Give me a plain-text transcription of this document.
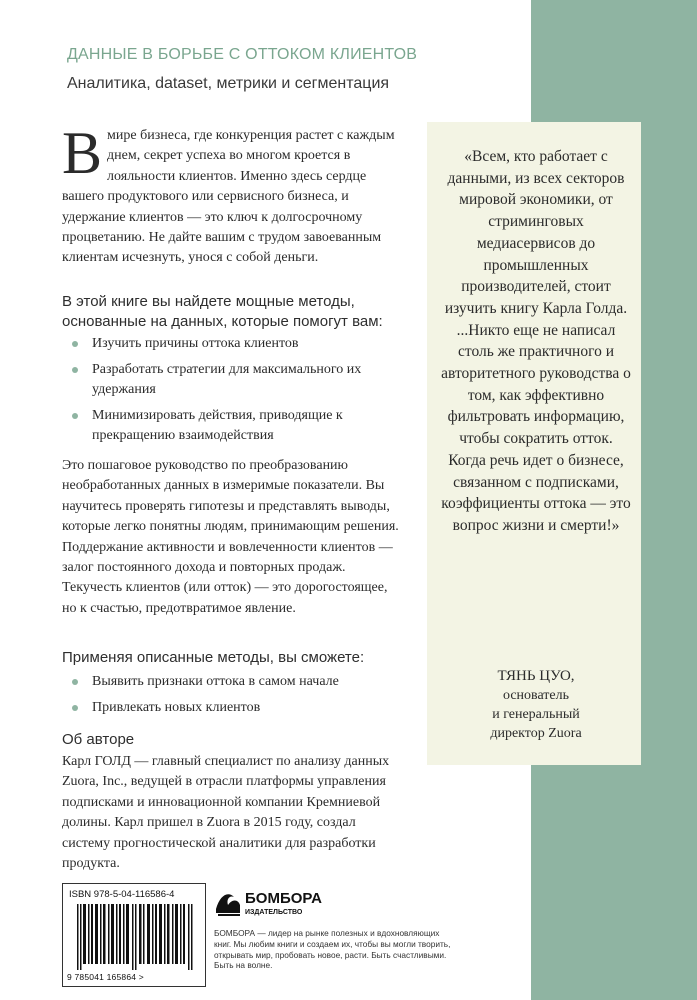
ДАННЫЕ В БОРЬБЕ С ОТТОКОМ КЛИЕНТОВ
Аналитика, dataset, метрики и сегментация
В мире бизнеса, где конкуренция растет с каждым днем, секрет успеха во многом кроется в лояльности клиентов. Именно здесь сердце вашего продуктового или сервисного бизнеса, и удержание клиентов — это ключ к долгосрочному процветанию. Не дайте вашим с трудом завоеванным клиентам исчезнуть, унося с собой деньги.

В этой книге вы найдете мощные методы, основанные на данных, которые помогут вам:

Изучить причины оттока клиентов
Разработать стратегии для максимального их удержания
Минимизировать действия, приводящие к прекращению взаимодействия

Это пошаговое руководство по преобразованию необработанных данных в измеримые показатели. Вы научитесь проверять гипотезы и представлять выводы, которые легко понятны людям, принимающим решения. Поддержание активности и вовлеченности клиентов — залог постоянного дохода и повторных продаж. Текучесть клиентов (или отток) — это дорогостоящее, но к счастью, предотвратимое явление.

Применяя описанные методы, вы сможете:

Выявить признаки оттока в самом начале
Привлекать новых клиентов

Об авторе

Карл ГОЛД — главный специалист по анализу данных Zuora, Inc., ведущей в отрасли платформы управления подписками и инновационной компании Кремниевой долины. Карл пришел в Zuora в 2015 году, создал систему прогностической аналитики для разработки продукта.

«Всем, кто работает с данными, из всех секторов мировой экономики, от стриминговых медиасервисов до промышленных производителей, стоит изучить книгу Карла Голда. ...Никто еще не написал столь же практичного и авторитетного руководства о том, как эффективно фильтровать информацию, чтобы сократить отток. Когда речь идет о бизнесе, связанном с подписками, коэффициенты оттока — это вопрос жизни и смерти!»

ТЯНЬ ЦУО,
основатель
и генеральный
директор Zuora
ISBN 978-5-04-116586-4
9 785041 165864 >
БОМБОРА
ИЗДАТЕЛЬСТВО
БОМБОРА — лидер на рынке полезных и вдохновляющих книг. Мы любим книги и создаем их, чтобы вы могли творить, открывать мир, пробовать новое, расти. Быть счастливыми. Быть на волне.
